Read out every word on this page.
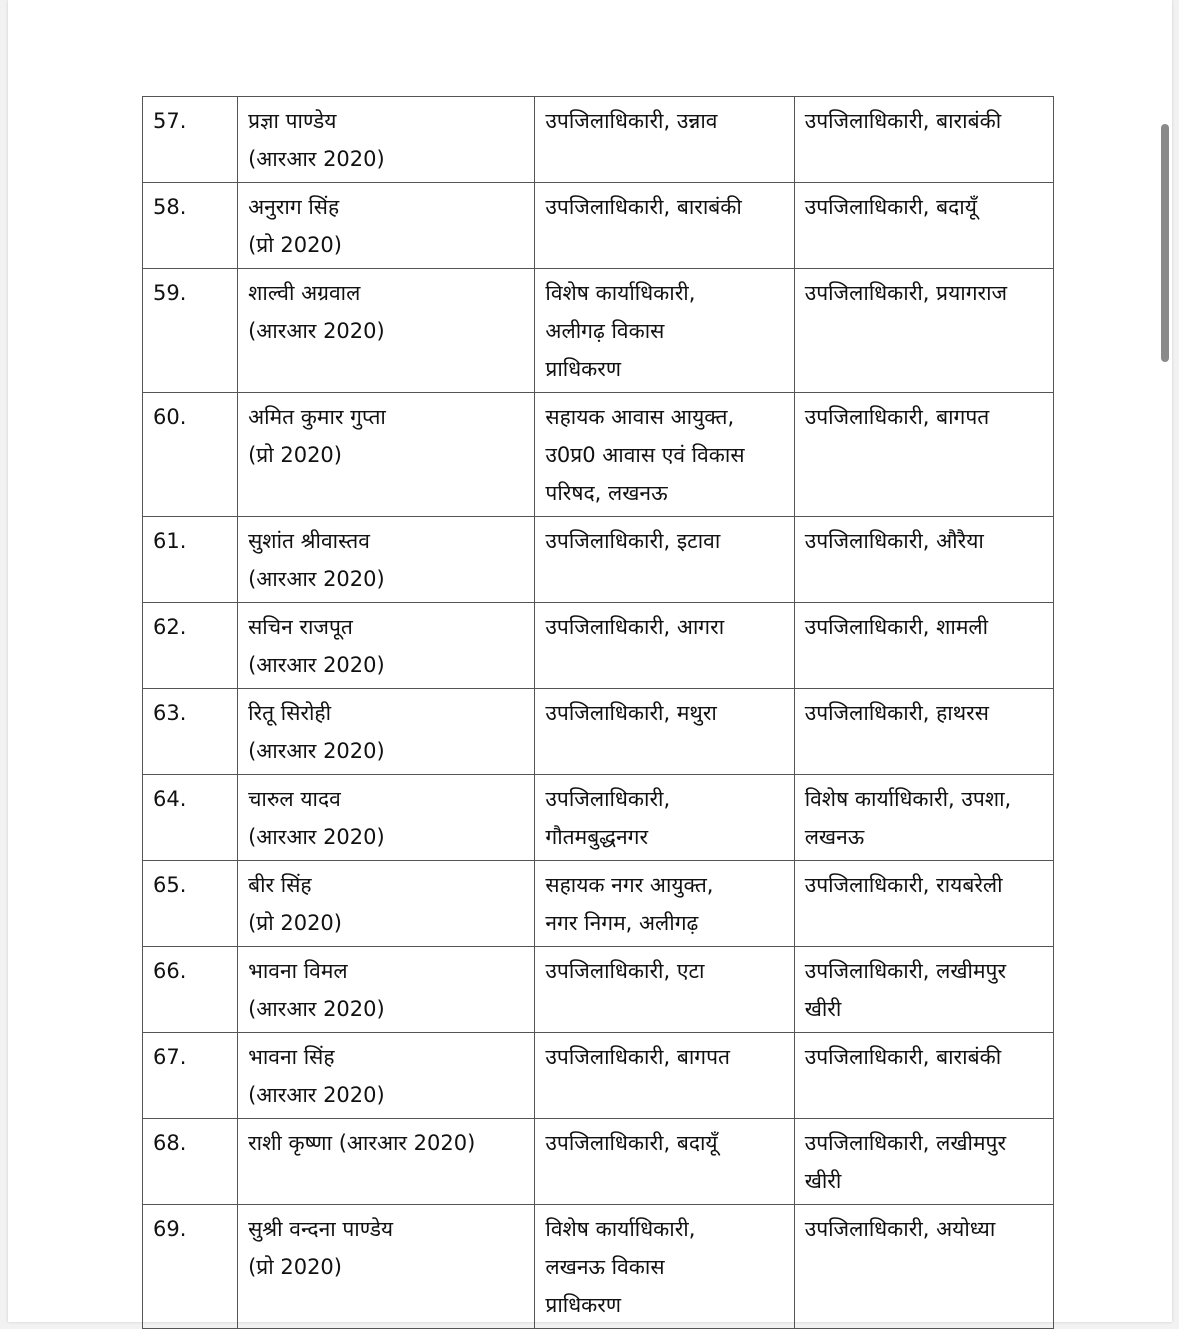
57.	प्रज्ञा पाण्डेय
(आरआर 2020)	उपजिलाधिकारी, उन्नाव	उपजिलाधिकारी, बाराबंकी

58.	अनुराग सिंह
(प्रो 2020)	उपजिलाधिकारी, बाराबंकी	उपजिलाधिकारी, बदायूँ

59.	शाल्वी अग्रवाल
(आरआर 2020)	विशेष कार्याधिकारी,
अलीगढ़ विकास
प्राधिकरण	उपजिलाधिकारी, प्रयागराज

60.	अमित कुमार गुप्ता
(प्रो 2020)	सहायक आवास आयुक्त,
उ0प्र0 आवास एवं विकास
परिषद, लखनऊ	उपजिलाधिकारी, बागपत

61.	सुशांत श्रीवास्तव
(आरआर 2020)	उपजिलाधिकारी, इटावा	उपजिलाधिकारी, औरैया

62.	सचिन राजपूत
(आरआर 2020)	उपजिलाधिकारी, आगरा	उपजिलाधिकारी, शामली

63.	रितू सिरोही
(आरआर 2020)	उपजिलाधिकारी, मथुरा	उपजिलाधिकारी, हाथरस

64.	चारुल यादव
(आरआर 2020)	उपजिलाधिकारी,
गौतमबुद्धनगर	विशेष कार्याधिकारी, उपशा,
लखनऊ

65.	बीर सिंह
(प्रो 2020)	सहायक नगर आयुक्त,
नगर निगम, अलीगढ़	उपजिलाधिकारी, रायबरेली

66.	भावना विमल
(आरआर 2020)	उपजिलाधिकारी, एटा	उपजिलाधिकारी, लखीमपुर
खीरी

67.	भावना सिंह
(आरआर 2020)	उपजिलाधिकारी, बागपत	उपजिलाधिकारी, बाराबंकी

68.	राशी कृष्णा (आरआर 2020)	उपजिलाधिकारी, बदायूँ	उपजिलाधिकारी, लखीमपुर
खीरी

69.	सुश्री वन्दना पाण्डेय
(प्रो 2020)	विशेष कार्याधिकारी,
लखनऊ विकास
प्राधिकरण	उपजिलाधिकारी, अयोध्या
